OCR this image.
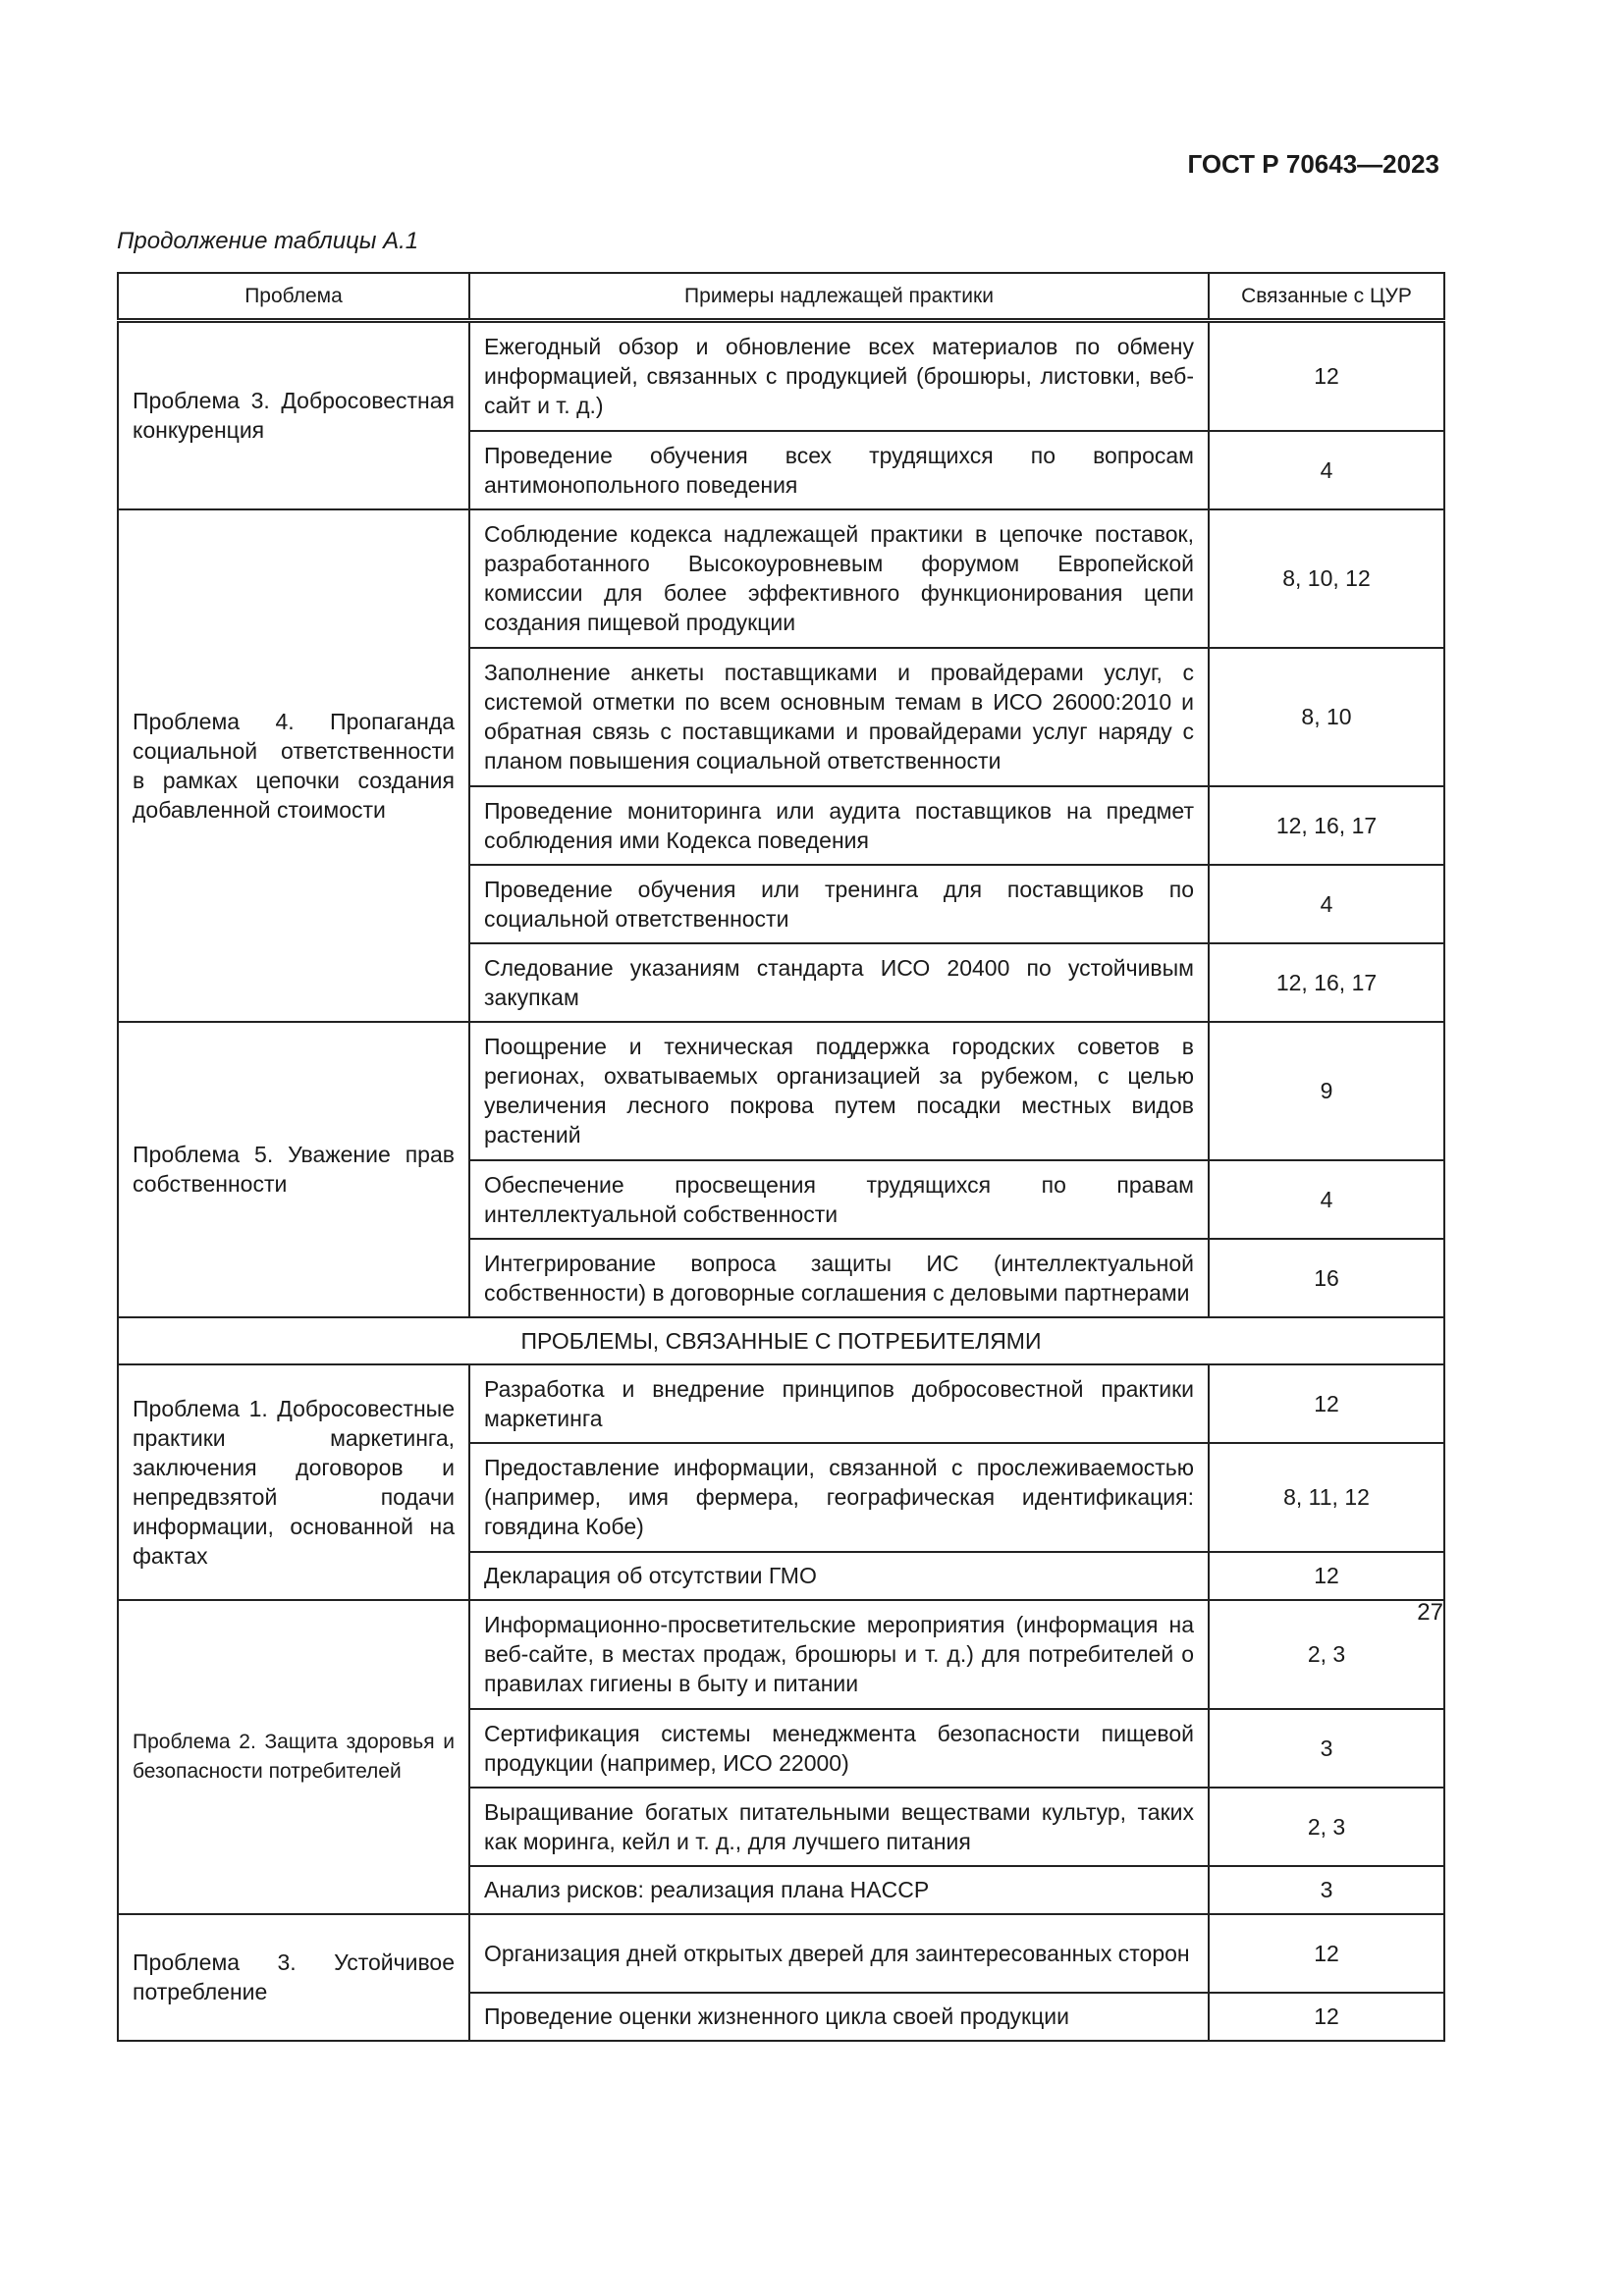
ГОСТ Р 70643—2023
Продолжение таблицы А.1
Проблема	Примеры надлежащей практики	Связанные с ЦУР
Проблема 3. Добросовестная конкуренция	Ежегодный обзор и обновление всех материалов по обмену информацией, связанных с продукцией (брошюры, листовки, веб-сайт и т. д.)	12
	Проведение обучения всех трудящихся по вопросам антимонопольного поведения	4
Проблема 4. Пропаганда социальной ответственности в рамках цепочки создания добавленной стоимости	Соблюдение кодекса надлежащей практики в цепочке поставок, разработанного Высокоуровневым форумом Европейской комиссии для более эффективного функционирования цепи создания пищевой продукции	8, 10, 12
	Заполнение анкеты поставщиками и провайдерами услуг, с системой отметки по всем основным темам в ИСО 26000:2010 и обратная связь с поставщиками и провайдерами услуг наряду с планом повышения социальной ответственности	8, 10
	Проведение мониторинга или аудита поставщиков на предмет соблюдения ими Кодекса поведения	12, 16, 17
	Проведение обучения или тренинга для поставщиков по социальной ответственности	4
	Следование указаниям стандарта ИСО 20400 по устойчивым закупкам	12, 16, 17
Проблема 5. Уважение прав собственности	Поощрение и техническая поддержка городских советов в регионах, охватываемых организацией за рубежом, с целью увеличения лесного покрова путем посадки местных видов растений	9
	Обеспечение просвещения трудящихся по правам интеллектуальной собственности	4
	Интегрирование вопроса защиты ИС (интеллектуальной собственности) в договорные соглашения с деловыми партнерами	16
ПРОБЛЕМЫ, СВЯЗАННЫЕ С ПОТРЕБИТЕЛЯМИ		
Проблема 1. Добросовестные практики маркетинга, заключения договоров и непредвзятой подачи информации, основанной на фактах	Разработка и внедрение принципов добросовестной практики маркетинга	12
	Предоставление информации, связанной с прослеживаемостью (например, имя фермера, географическая идентификация: говядина Кобе)	8, 11, 12
	Декларация об отсутствии ГМО	12
Проблема 2. Защита здоровья и безопасности потребителей	Информационно-просветительские мероприятия (информация на веб-сайте, в местах продаж, брошюры и т. д.) для потребителей о правилах гигиены в быту и питании	2, 3
	Сертификация системы менеджмента безопасности пищевой продукции (например, ИСО 22000)	3
	Выращивание богатых питательными веществами культур, таких как моринга, кейл и т. д., для лучшего питания	2, 3
	Анализ рисков: реализация плана HACCP	3
Проблема 3. Устойчивое потребление	Организация дней открытых дверей для заинтересованных сторон	12
	Проведение оценки жизненного цикла своей продукции	12
27
